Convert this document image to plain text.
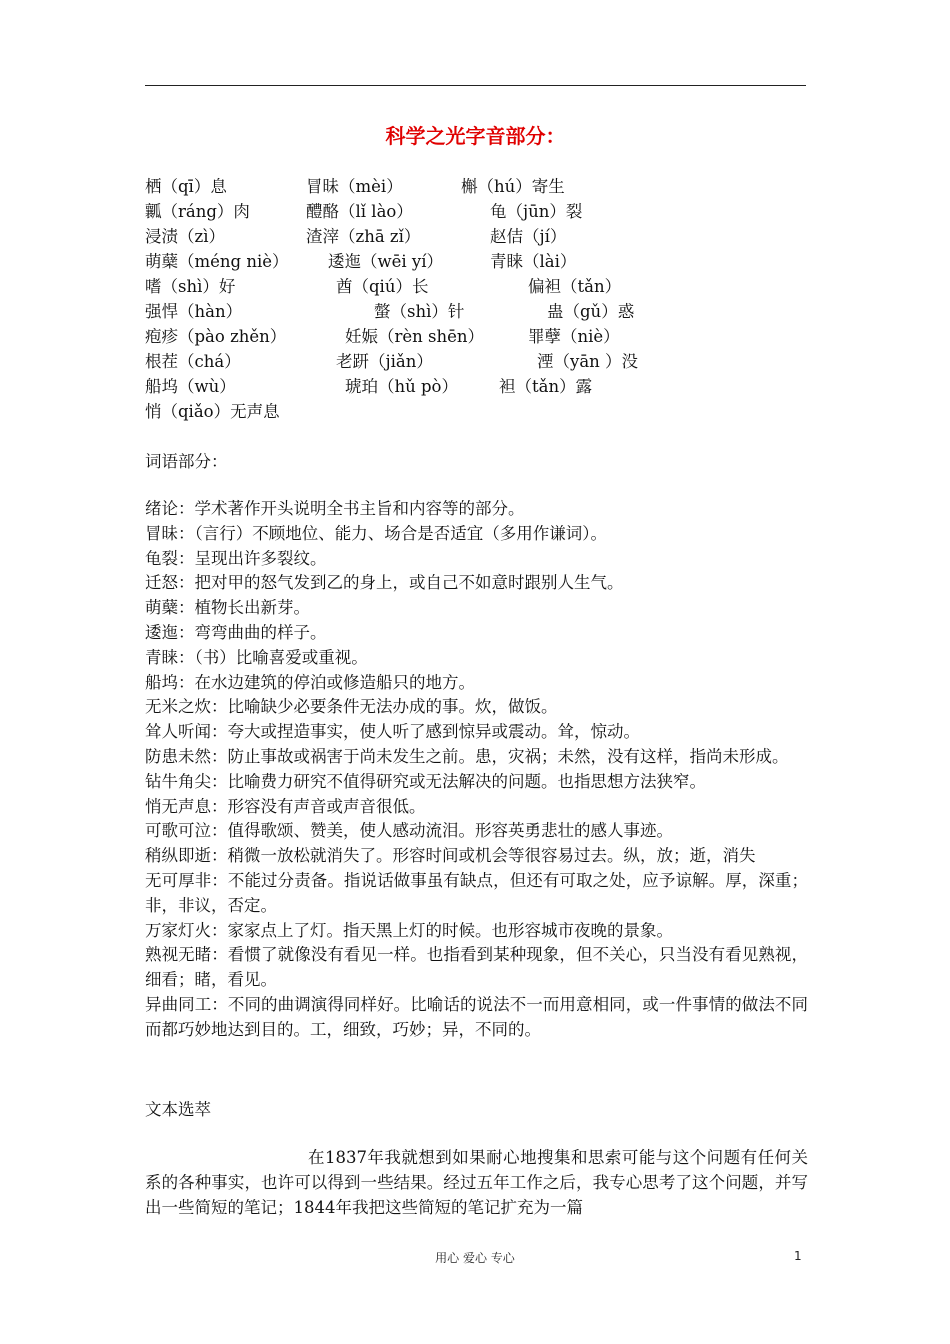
科学之光字音部分：
栖（qī）息	冒昧（mèi）	槲（hú）寄生
瓤（ráng）肉	醴酪（lǐ lào）	龟（jūn）裂
浸渍（zì）	渣滓（zhā zǐ）	赵佶（jí）
萌蘖（méng niè） 逶迤（wēi yí）	青睐（lài）
嗜（shì）好	酋（qiú）长	偏袒（tǎn）
强悍（hàn）	螫（shì）针	蛊（gǔ）惑
疱疹（pào zhěn）	妊娠（rèn shēn）	罪孽（niè）
根茬（chá）	老趼（jiǎn）	湮（yān ）没
船坞（wù）	琥珀（hǔ pò） 袒（tǎn）露
悄（qiǎo）无声息
词语部分：

绪论：学术著作开头说明全书主旨和内容等的部分。

冒昧：（言行）不顾地位、能力、场合是否适宜（多用作谦词）。

龟裂：呈现出许多裂纹。

迁怒：把对甲的怒气发到乙的身上，或自己不如意时跟别人生气。

萌蘖：植物长出新芽。

逶迤：弯弯曲曲的样子。

青睐：（书）比喻喜爱或重视。

船坞：在水边建筑的停泊或修造船只的地方。

无米之炊：比喻缺少必要条件无法办成的事。炊，做饭。

耸人听闻：夸大或捏造事实，使人听了感到惊异或震动。耸，惊动。

防患未然：防止事故或祸害于尚未发生之前。患，灾祸；未然，没有这样，指尚未形成。

钻牛角尖：比喻费力研究不值得研究或无法解决的问题。也指思想方法狭窄。

悄无声息：形容没有声音或声音很低。

可歌可泣：值得歌颂、赞美，使人感动流泪。形容英勇悲壮的感人事迹。

稍纵即逝：稍微一放松就消失了。形容时间或机会等很容易过去。纵，放；逝，消失

无可厚非：不能过分责备。指说话做事虽有缺点，但还有可取之处，应予谅解。厚，深重；非，非议，否定。

万家灯火：家家点上了灯。指天黑上灯的时候。也形容城市夜晚的景象。

熟视无睹：看惯了就像没有看见一样。也指看到某种现象，但不关心，只当没有看见熟视，细看；睹，看见。

异曲同工：不同的曲调演得同样好。比喻话的说法不一而用意相同，或一件事情的做法不同而都巧妙地达到目的。工，细致，巧妙；异，不同的。

文本选萃

在1837年我就想到如果耐心地搜集和思索可能与这个问题有任何关系的各种事实，也许可以得到一些结果。经过五年工作之后，我专心思考了这个问题，并写出一些简短的笔记；1844年我把这些简短的笔记扩充为一篇

用心 爱心 专心	1
